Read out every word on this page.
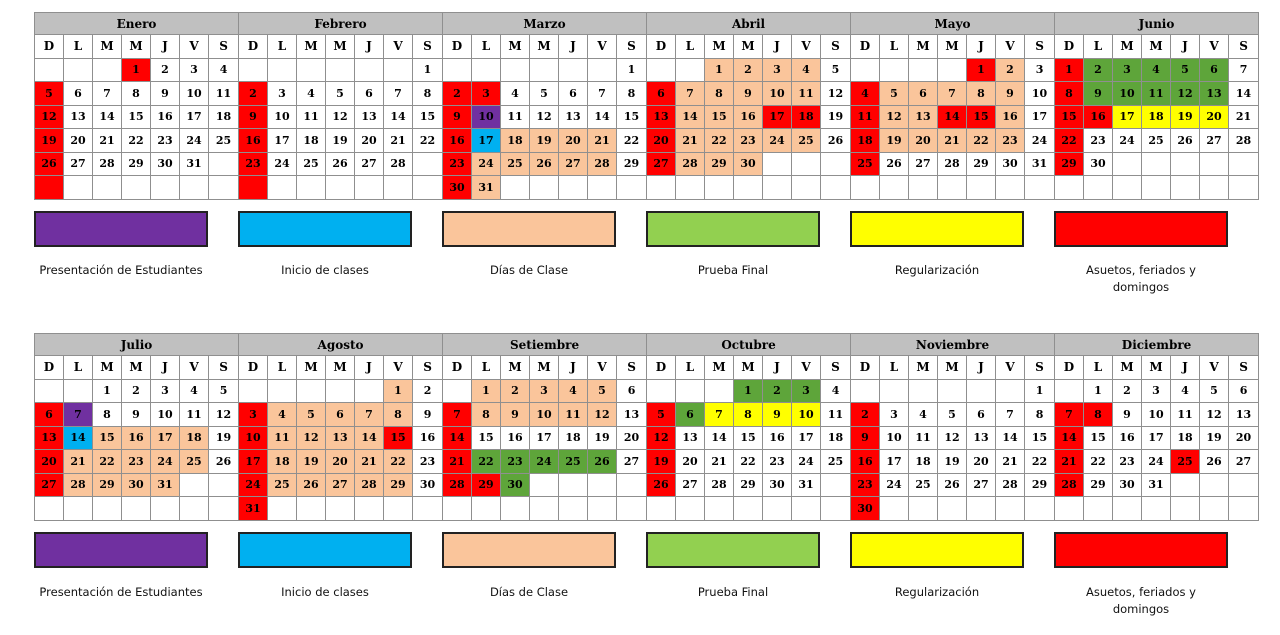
Enero						
D	L	M	M	J	V	S
			1	2	3	4
5	6	7	8	9	10	11
12	13	14	15	16	17	18
19	20	21	22	23	24	25
26	27	28	29	30	31	

Febrero						
D	L	M	M	J	V	S
						1
2	3	4	5	6	7	8
9	10	11	12	13	14	15
16	17	18	19	20	21	22
23	24	25	26	27	28	

Marzo						
D	L	M	M	J	V	S
						1
2	3	4	5	6	7	8
9	10	11	12	13	14	15
16	17	18	19	20	21	22
23	24	25	26	27	28	29
30	31					
Abril						
D	L	M	M	J	V	S
		1	2	3	4	5
6	7	8	9	10	11	12
13	14	15	16	17	18	19
20	21	22	23	24	25	26
27	28	29	30			

Mayo						
D	L	M	M	J	V	S
				1	2	3
4	5	6	7	8	9	10
11	12	13	14	15	16	17
18	19	20	21	22	23	24
25	26	27	28	29	30	31

Junio						
D	L	M	M	J	V	S
1	2	3	4	5	6	7
8	9	10	11	12	13	14
15	16	17	18	19	20	21
22	23	24	25	26	27	28
29	30					

Julio						
D	L	M	M	J	V	S
		1	2	3	4	5
6	7	8	9	10	11	12
13	14	15	16	17	18	19
20	21	22	23	24	25	26
27	28	29	30	31		

Agosto						
D	L	M	M	J	V	S
					1	2
3	4	5	6	7	8	9
10	11	12	13	14	15	16
17	18	19	20	21	22	23
24	25	26	27	28	29	30
31						
Setiembre						
D	L	M	M	J	V	S
	1	2	3	4	5	6
7	8	9	10	11	12	13
14	15	16	17	18	19	20
21	22	23	24	25	26	27
28	29	30				

Octubre						
D	L	M	M	J	V	S
			1	2	3	4
5	6	7	8	9	10	11
12	13	14	15	16	17	18
19	20	21	22	23	24	25
26	27	28	29	30	31	

Noviembre						
D	L	M	M	J	V	S
						1
2	3	4	5	6	7	8
9	10	11	12	13	14	15
16	17	18	19	20	21	22
23	24	25	26	27	28	29
30						
Diciembre						
D	L	M	M	J	V	S
	1	2	3	4	5	6
7	8	9	10	11	12	13
14	15	16	17	18	19	20
21	22	23	24	25	26	27
28	29	30	31			

Presentación de Estudiantes	Inicio de clases	Días de Clase	Prueba Final	Regularización	Asuetos, feriados y domingos
Presentación de Estudiantes	Inicio de clases	Días de Clase	Prueba Final	Regularización	Asuetos, feriados y domingos
